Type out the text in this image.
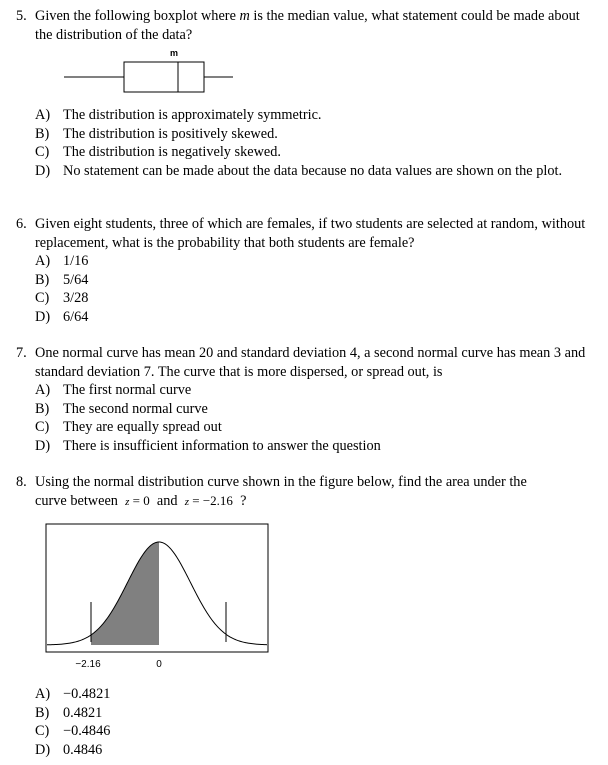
5. Given the following boxplot where m is the median value, what statement could be made about the distribution of the data?
m
A) The distribution is approximately symmetric.
B) The distribution is positively skewed.
C) The distribution is negatively skewed.
D) No statement can be made about the data because no data values are shown on the plot.
6. Given eight students, three of which are females, if two students are selected at random, without replacement, what is the probability that both students are female?
A) 1/16
B) 5/64
C) 3/28
D) 6/64
7. One normal curve has mean 20 and standard deviation 4, a second normal curve has mean 3 and standard deviation 7. The curve that is more dispersed, or spread out, is
A) The first normal curve
B) The second normal curve
C) They are equally spread out
D) There is insufficient information to answer the question
8. Using the normal distribution curve shown in the figure below, find the area under the
curve between z = 0 and z = −2.16 ?
−2.16	0
A) −0.4821
B) 0.4821
C) −0.4846
D) 0.4846
